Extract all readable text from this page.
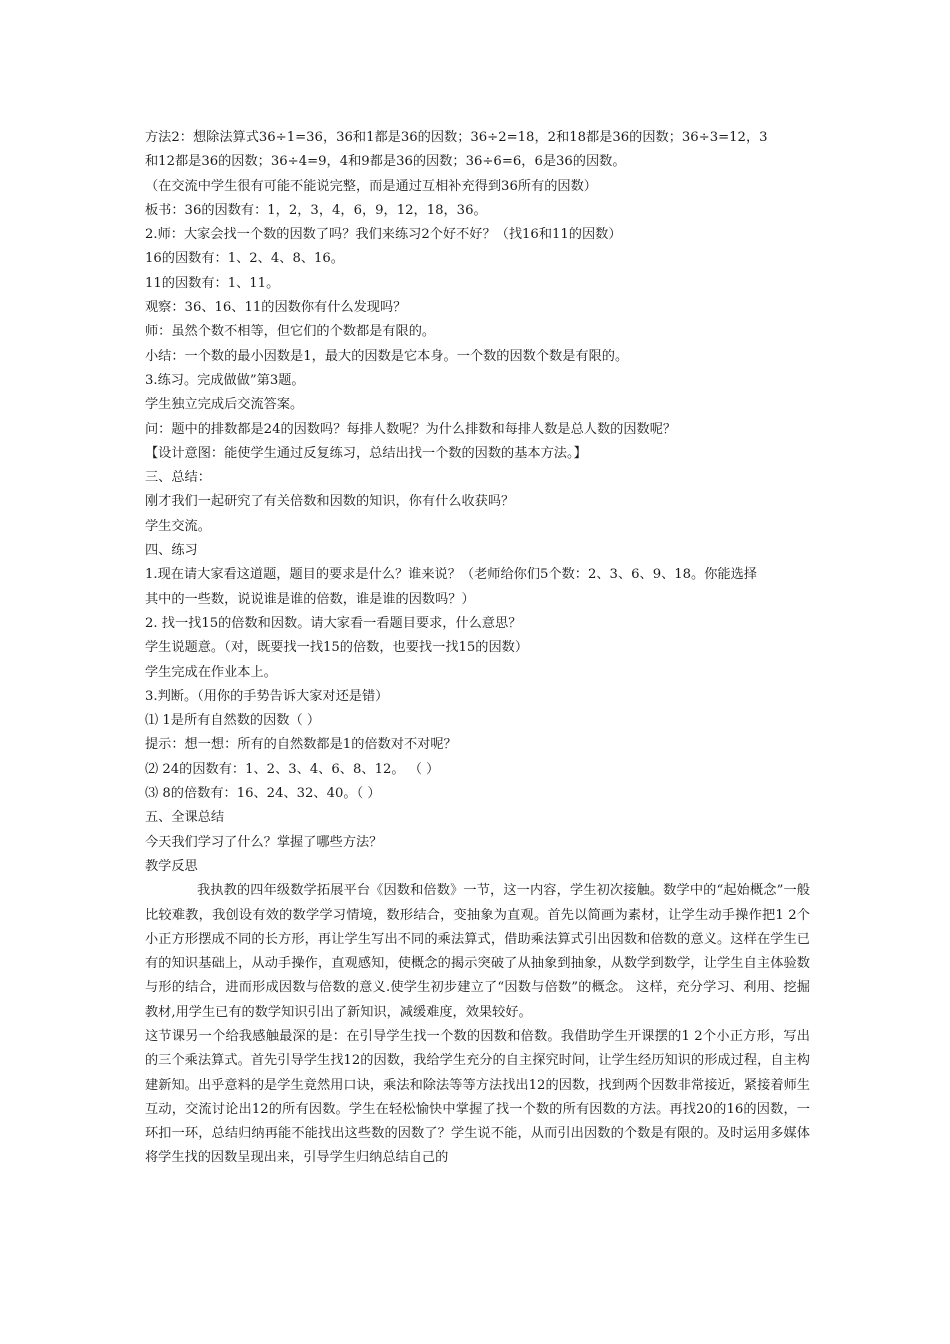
方法2：想除法算式36÷1=36，36和1都是36的因数；36÷2=18，2和18都是36的因数；36÷3=12，3
和12都是36的因数；36÷4=9，4和9都是36的因数；36÷6=6，6是36的因数。
（在交流中学生很有可能不能说完整，而是通过互相补充得到36所有的因数）
板书：36的因数有：1，2，3，4，6，9，12，18，36。
2.师：大家会找一个数的因数了吗？我们来练习2个好不好？（找16和11的因数）
16的因数有：1、2、4、8、16。
11的因数有：1、11。
观察：36、16、11的因数你有什么发现吗？
师：虽然个数不相等，但它们的个数都是有限的。
小结：一个数的最小因数是1，最大的因数是它本身。一个数的因数个数是有限的。
3.练习。完成做做”第3题。
学生独立完成后交流答案。
问：题中的排数都是24的因数吗？每排人数呢？为什么排数和每排人数是总人数的因数呢？
【设计意图：能使学生通过反复练习，总结出找一个数的因数的基本方法。】
三、总结：
刚才我们一起研究了有关倍数和因数的知识，你有什么收获吗？
学生交流。
四、练习
1.现在请大家看这道题，题目的要求是什么？谁来说？（老师给你们5个数：2、3、6、9、18。你能选择
其中的一些数，说说谁是谁的倍数，谁是谁的因数吗？）
2. 找一找15的倍数和因数。请大家看一看题目要求，什么意思？
学生说题意。（对，既要找一找15的倍数，也要找一找15的因数）
学生完成在作业本上。
3.判断。（用你的手势告诉大家对还是错）
⑴ 1是所有自然数的因数（ ）
提示：想一想：所有的自然数都是1的倍数对不对呢？
⑵ 24的因数有：1、2、3、4、6、8、12。 （ ）
⑶ 8的倍数有：16、24、32、40。（ ）
五、全课总结
今天我们学习了什么？掌握了哪些方法？
教学反思
我执教的四年级数学拓展平台《因数和倍数》一节，这一内容，学生初次接触。数学中的“起始概念”一般比较难教，我创设有效的数学学习情境，数形结合，变抽象为直观。首先以简画为素材，让学生动手操作把1 2个小正方形摆成不同的长方形，再让学生写出不同的乘法算式，借助乘法算式引出因数和倍数的意义。这样在学生已有的知识基础上，从动手操作，直观感知，使概念的揭示突破了从抽象到抽象，从数学到数学，让学生自主体验数与形的结合，进而形成因数与倍数的意义.使学生初步建立了“因数与倍数”的概念。 这样，充分学习、利用、挖掘教材,用学生已有的数学知识引出了新知识，减缓难度，效果较好。
这节课另一个给我感触最深的是：在引导学生找一个数的因数和倍数。我借助学生开课摆的1 2个小正方形，写出的三个乘法算式。首先引导学生找12的因数，我给学生充分的自主探究时间，让学生经历知识的形成过程，自主构建新知。出乎意料的是学生竟然用口诀，乘法和除法等等方法找出12的因数，找到两个因数非常接近，紧接着师生互动，交流讨论出12的所有因数。学生在轻松愉快中掌握了找一个数的所有因数的方法。再找20的16的因数，一环扣一环，总结归纳再能不能找出这些数的因数了？学生说不能，从而引出因数的个数是有限的。及时运用多媒体将学生找的因数呈现出来，引导学生归纳总结自己的
